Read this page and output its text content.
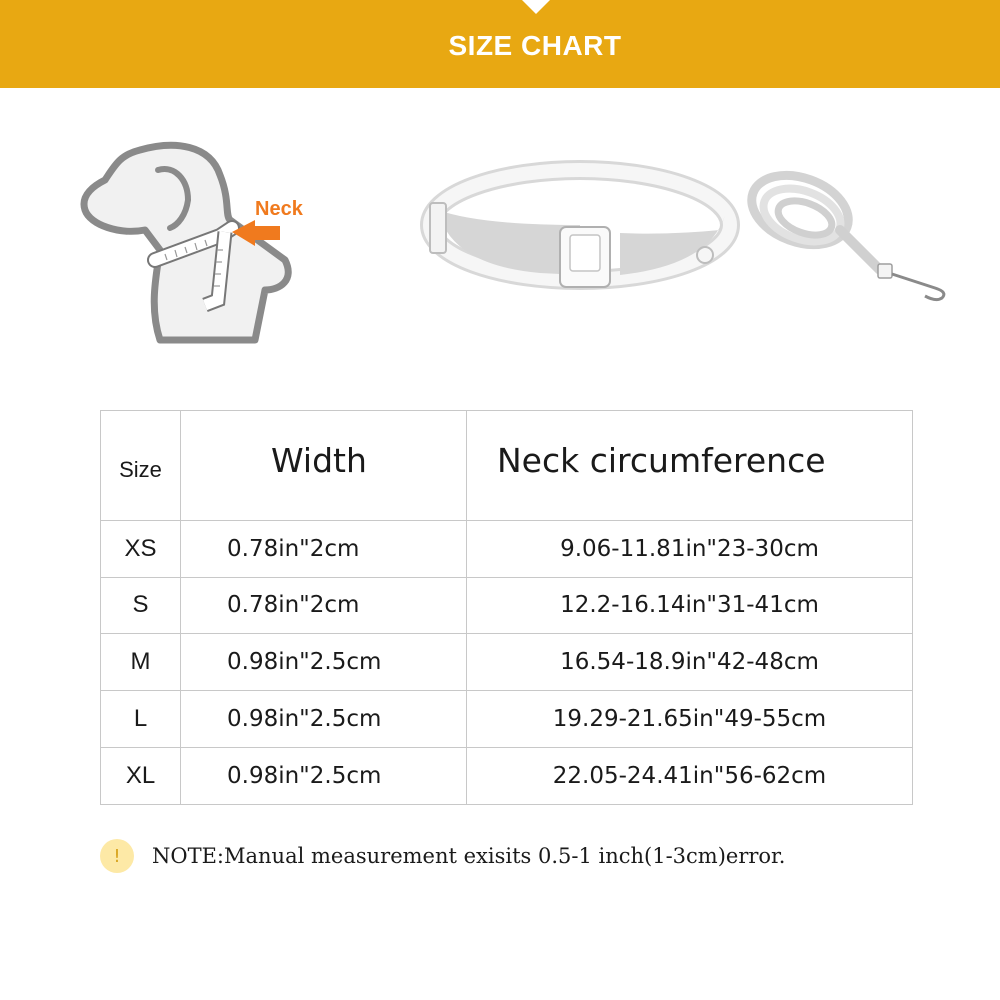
SIZE CHART
Neck
Size	Width	Neck circumference
XS	0.78in"2cm	9.06-11.81in"23-30cm
S	0.78in"2cm	12.2-16.14in"31-41cm
M	0.98in"2.5cm	16.54-18.9in"42-48cm
L	0.98in"2.5cm	19.29-21.65in"49-55cm
XL	0.98in"2.5cm	22.05-24.41in"56-62cm
!	NOTE:Manual measurement exisits 0.5-1 inch(1-3cm)error.
